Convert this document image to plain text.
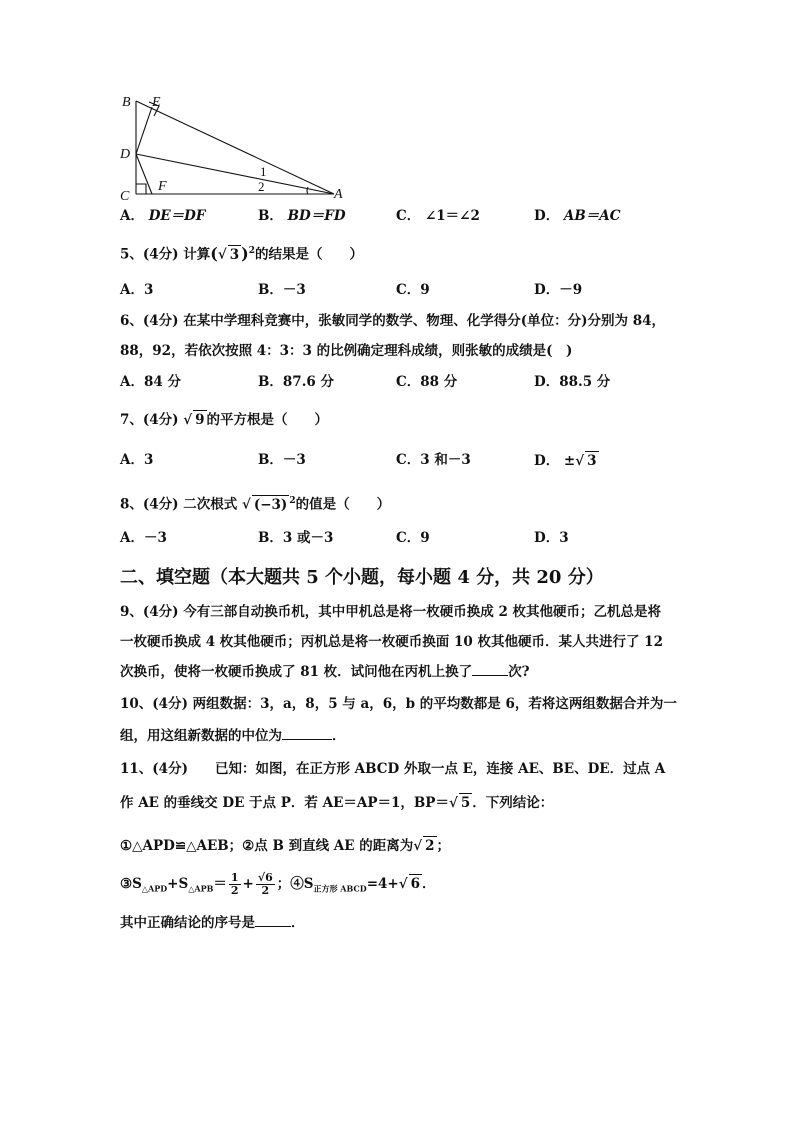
B E
D
C
F
A
1
2
A． DE＝DF	B． BD＝FD	C． ∠1＝∠2	D． AB＝AC
5、(4分) 计算(√ 3 )$^2$的结果是（　　）
A．3	B．－3	C．9	D．－9
6、(4分) 在某中学理科竞赛中，张敏同学的数学、物理、化学得分(单位：分)分别为 84，
88，92，若依次按照 4：3：3 的比例确定理科成绩，则张敏的成绩是(　)
A．84 分	B．87.6 分	C．88 分	D．88.5 分
7、(4分) √ 9 的平方根是（　　）
A．3	B．－3	C．3 和－3	D． ±√ 3
8、(4分) 二次根式 √ (−3) $^2$的值是（　　）
A．－3	B．3 或－3	C．9	D．3
二、填空题（本大题共 5 个小题，每小题 4 分，共 20 分）
9、(4分) 今有三部自动换币机，其中甲机总是将一枚硬币换成 2 枚其他硬币；乙机总是将
一枚硬币换成 4 枚其他硬币；丙机总是将一枚硬币换面 10 枚其他硬币．某人共进行了 12
次换币，使将一枚硬币换成了 81 枚．试问他在丙机上换了	次?
10、(4分) 两组数据：3，a，8，5 与 a，6，b 的平均数都是 6，若将这两组数据合并为一
组，用这组新数据的中位为	．
11、(4分)　　已知：如图，在正方形 ABCD 外取一点 E，连接 AE、BE、DE．过点 A
作 AE 的垂线交 DE 于点 P．若 AE＝AP＝1，BP＝√ 5 ．下列结论：
①△APD≌△AEB；②点 B 到直线 AE 的距离为√ 2 ；
$③S_{\triangle APD}+S_{\triangle APB}= \frac{1}{2} + \frac{√6}{2}$ ；$④S_{正方形 ABCD}=4+√$ 6 ．
其中正确结论的序号是	．
